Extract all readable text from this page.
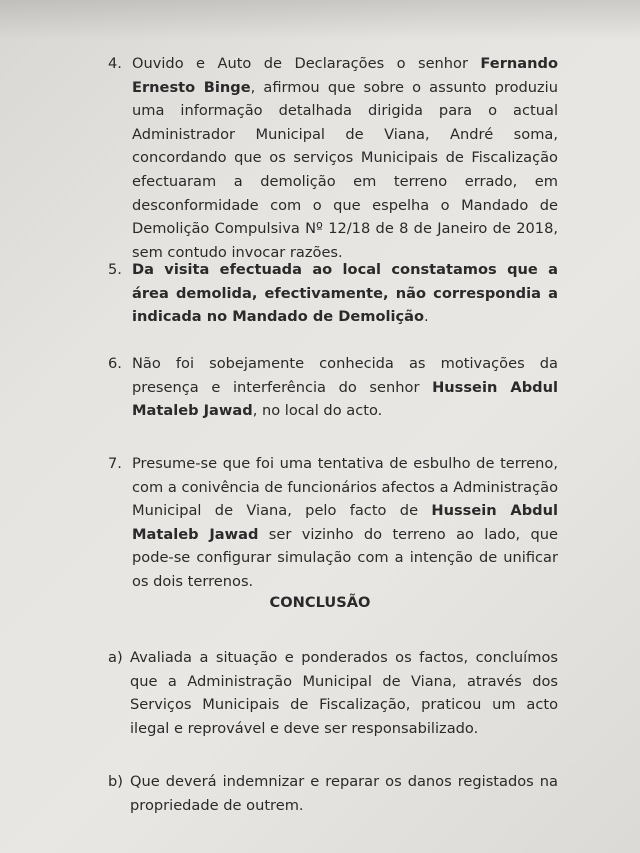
4. Ouvido e Auto de Declarações o senhor Fernando Ernesto Binge, afirmou que sobre o assunto produziu uma informação detalhada dirigida para o actual Administrador Municipal de Viana, André soma, concordando que os serviços Municipais de Fiscalização efectuaram a demolição em terreno errado, em desconformidade com o que espelha o Mandado de Demolição Compulsiva Nº 12/18 de 8 de Janeiro de 2018, sem contudo invocar razões.
5. Da visita efectuada ao local constatamos que a área demolida, efectivamente, não correspondia a indicada no Mandado de Demolição.
6. Não foi sobejamente conhecida as motivações da presença e interferência do senhor Hussein Abdul Mataleb Jawad, no local do acto.
7. Presume-se que foi uma tentativa de esbulho de terreno, com a conivência de funcionários afectos a Administração Municipal de Viana, pelo facto de Hussein Abdul Mataleb Jawad ser vizinho do terreno ao lado, que pode-se configurar simulação com a intenção de unificar os dois terrenos.
CONCLUSÃO
a) Avaliada a situação e ponderados os factos, concluímos que a Administração Municipal de Viana, através dos Serviços Municipais de Fiscalização, praticou um acto ilegal e reprovável e deve ser responsabilizado.
b) Que deverá indemnizar e reparar os danos registados na propriedade de outrem.
